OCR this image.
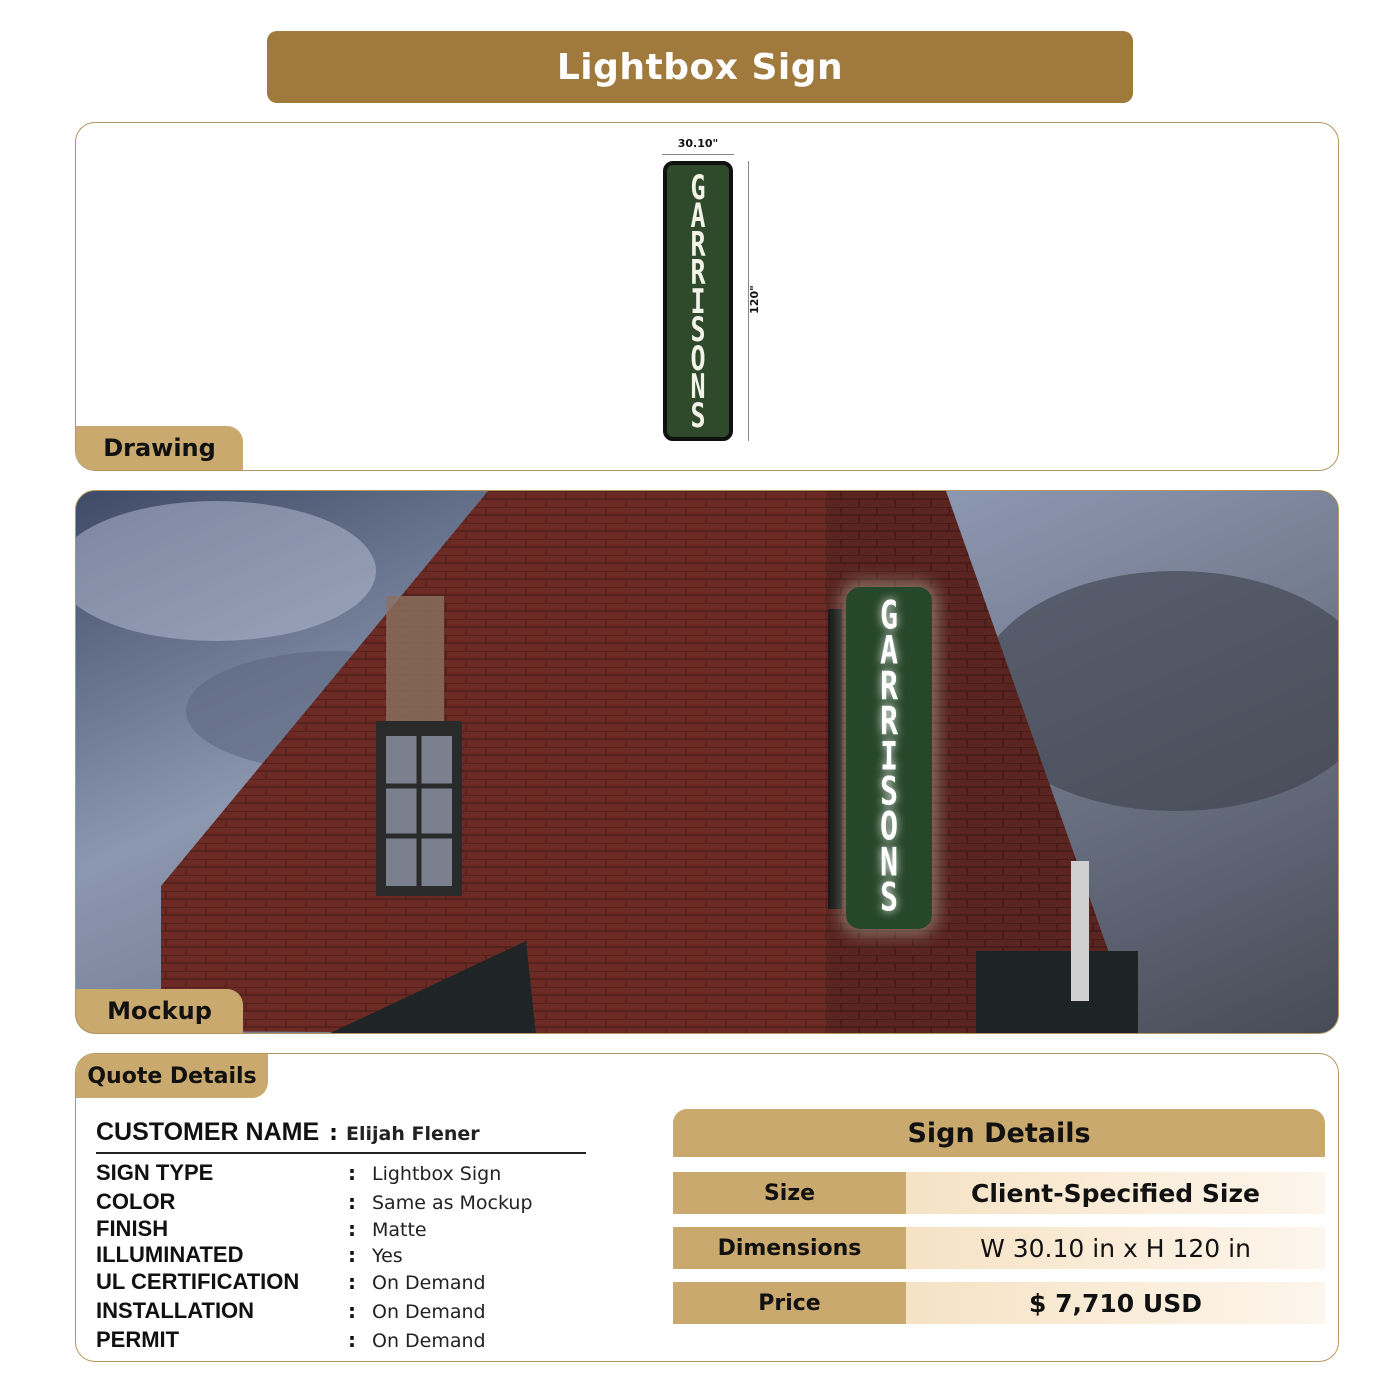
Lightbox Sign
30.10"
G
A
R
R
I
S
O
N
S
120"
Drawing
G
A
R
R
I
S
O
N
S
Mockup
Quote Details
CUSTOMER NAME : Elijah Flener
SIGN TYPE	: Lightbox Sign
COLOR	: Same as Mockup
FINISH	: Matte
ILLUMINATED	: Yes
UL CERTIFICATION	: On Demand
INSTALLATION	: On Demand
PERMIT	: On Demand
Sign Details
Size	Client-Specified Size
Dimensions	W 30.10 in x H 120 in
Price	$ 7,710 USD
